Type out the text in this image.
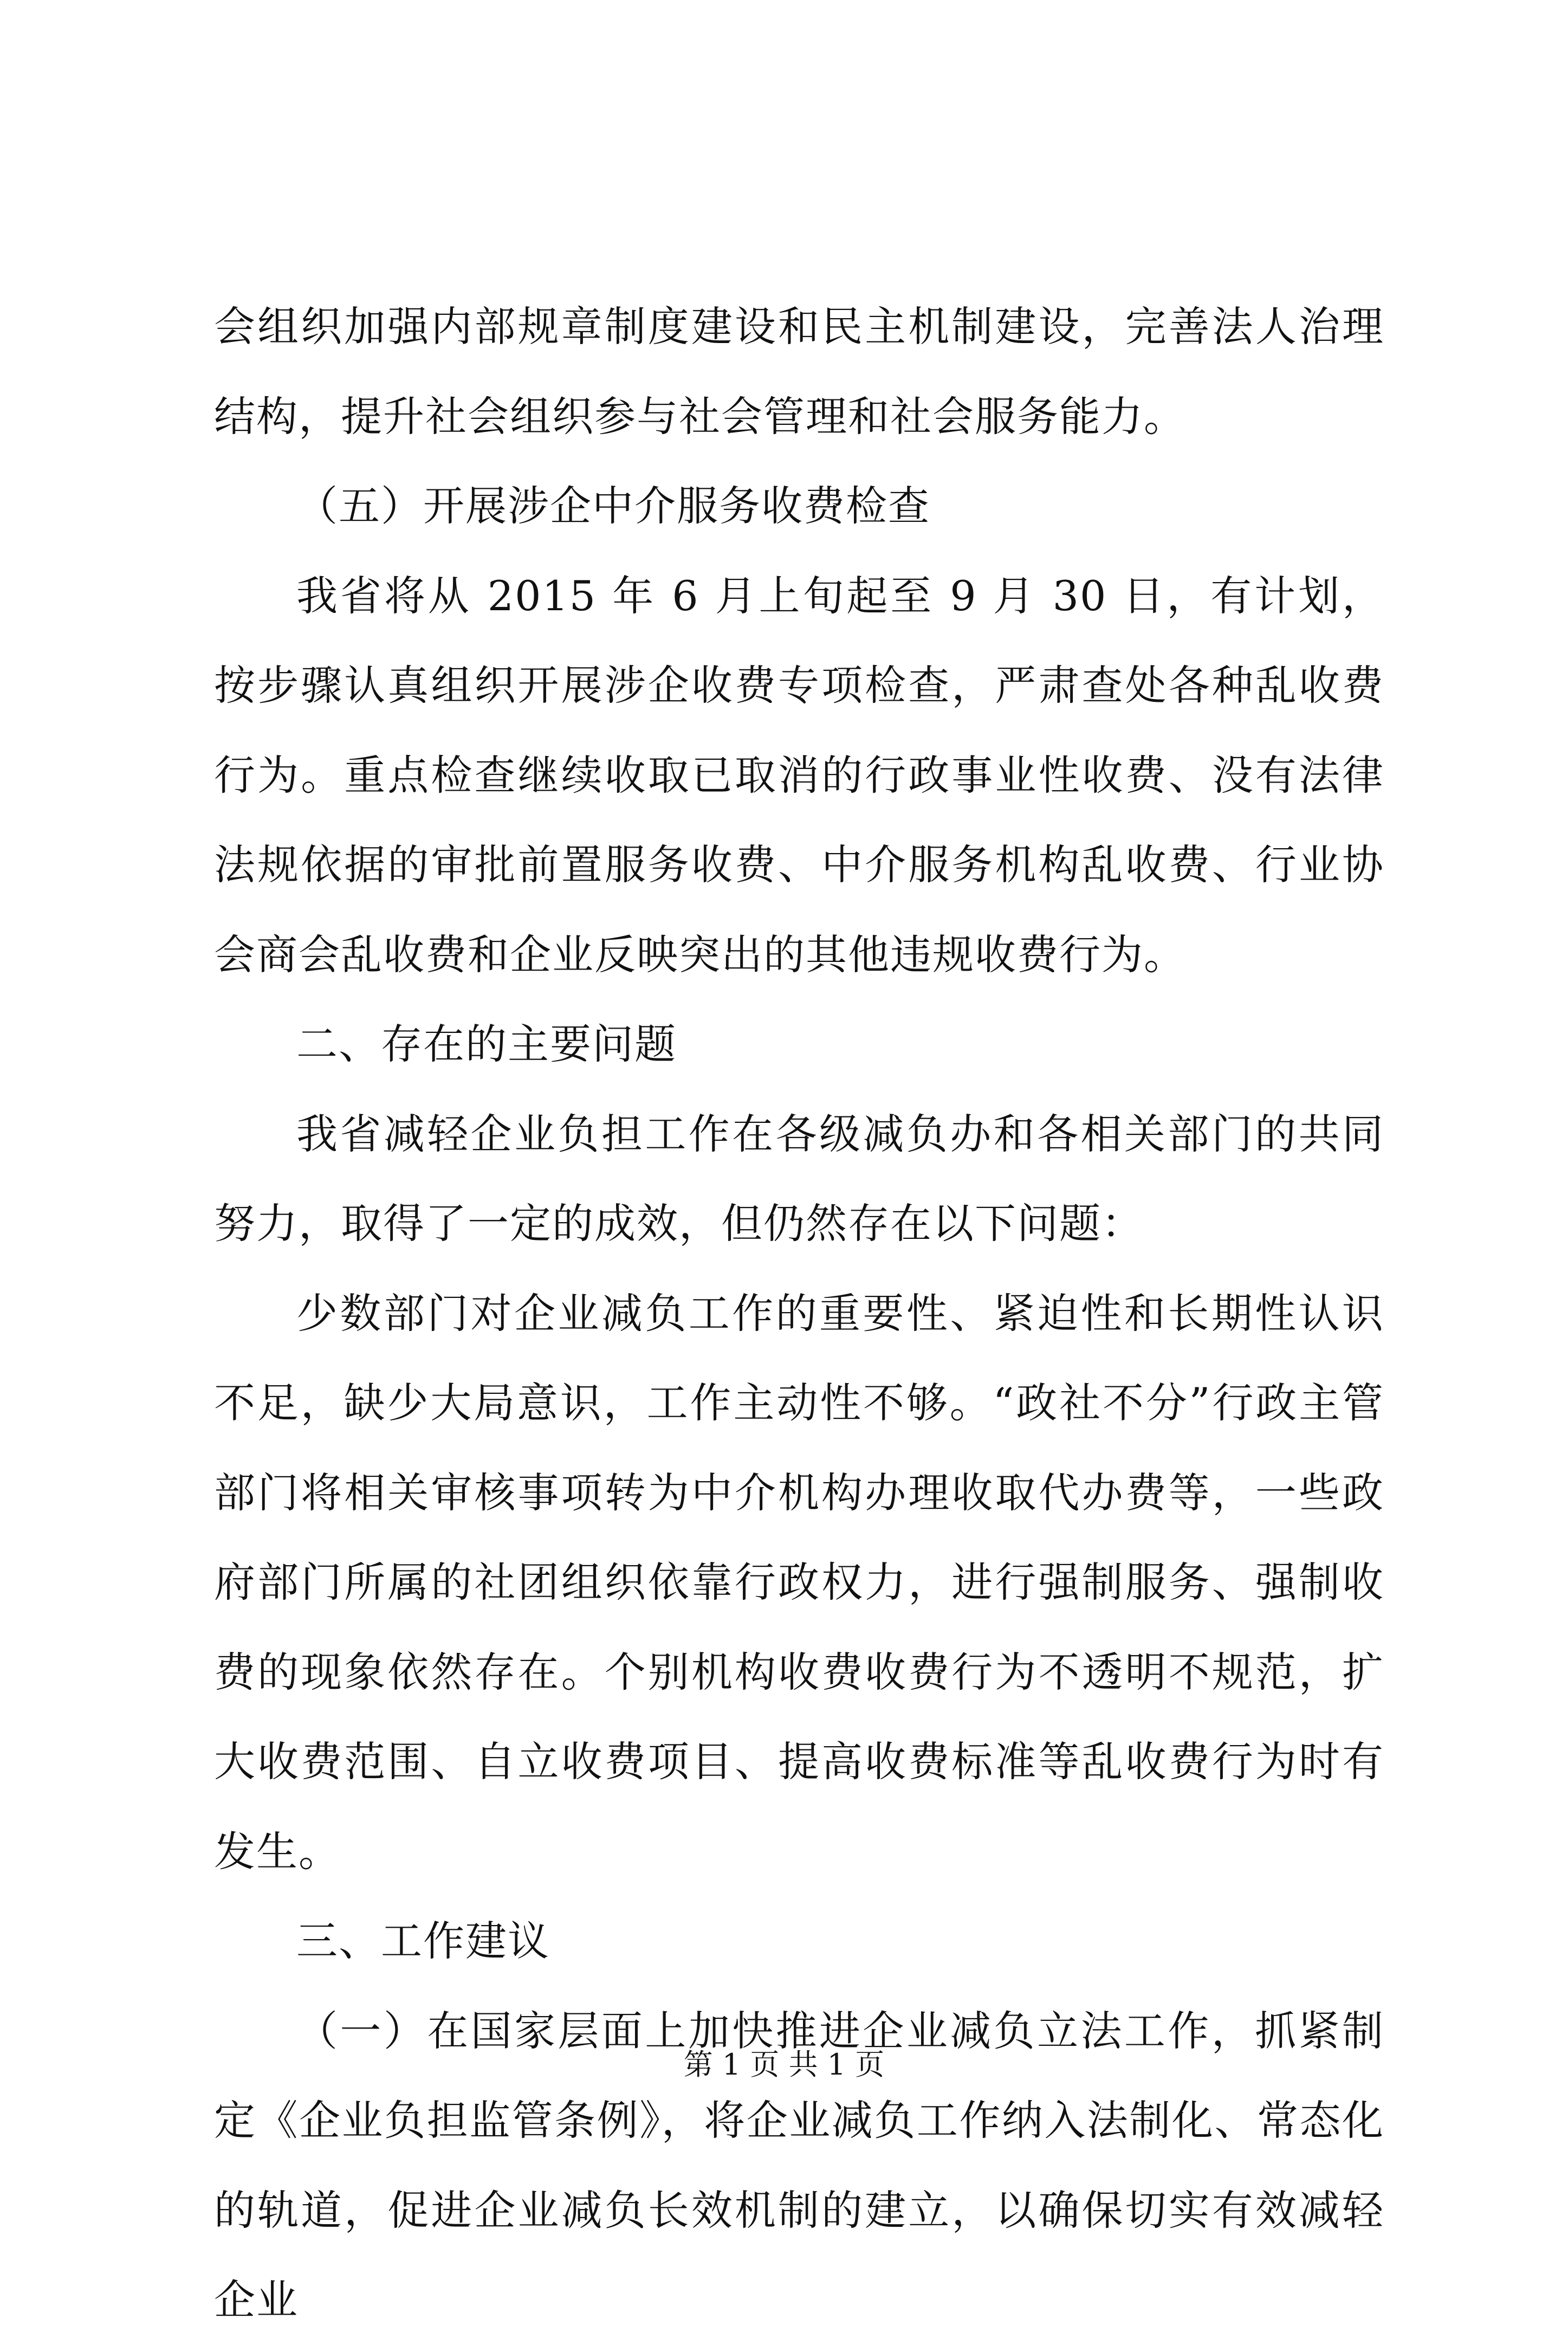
会组织加强内部规章制度建设和民主机制建设，完善法人治理结构，提升社会组织参与社会管理和社会服务能力。

（五）开展涉企中介服务收费检查

我省将从 2015 年 6 月上旬起至 9 月 30 日，有计划，按步骤认真组织开展涉企收费专项检查，严肃查处各种乱收费行为。重点检查继续收取已取消的行政事业性收费、没有法律法规依据的审批前置服务收费、中介服务机构乱收费、行业协会商会乱收费和企业反映突出的其他违规收费行为。

二、存在的主要问题

我省减轻企业负担工作在各级减负办和各相关部门的共同努力，取得了一定的成效，但仍然存在以下问题：

少数部门对企业减负工作的重要性、紧迫性和长期性认识不足，缺少大局意识，工作主动性不够。“政社不分”行政主管部门将相关审核事项转为中介机构办理收取代办费等，一些政府部门所属的社团组织依靠行政权力，进行强制服务、强制收费的现象依然存在。个别机构收费收费行为不透明不规范，扩大收费范围、自立收费项目、提高收费标准等乱收费行为时有发生。

三、工作建议

（一）在国家层面上加快推进企业减负立法工作，抓紧制定《企业负担监管条例》，将企业减负工作纳入法制化、常态化的轨道，促进企业减负长效机制的建立，以确保切实有效减轻企业

第 1 页 共 1 页
